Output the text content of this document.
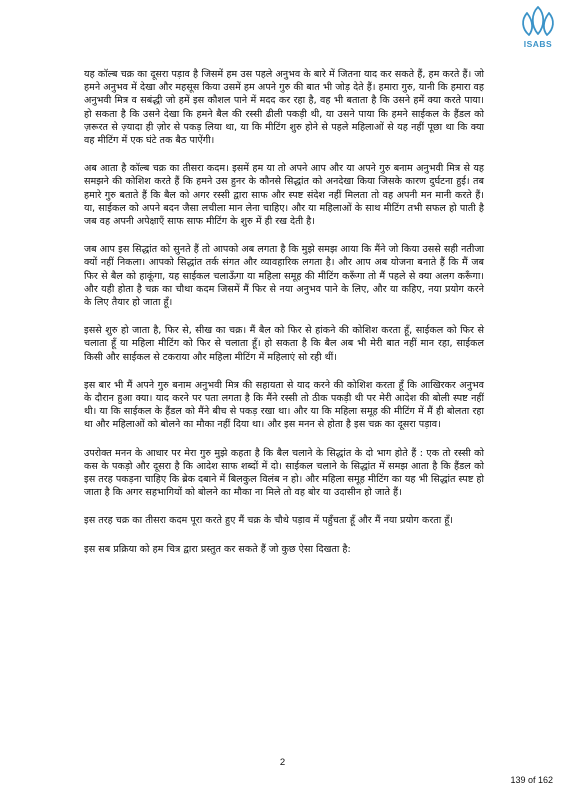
ISABS

यह कॉल्ब चक्र का दूसरा पड़ाव है जिसमें हम उस पहले अनुभव के बारे में जितना याद कर सकते हैं, हम करते हैं। जो हमने अनुभव में देखा और महसूस किया उसमें हम अपने गुरु की बात भी जोड़ देते हैं। हमारा गुरु, यानी कि हमारा वह अनुभवी मित्र व सबंद्धी जो हमें इस कौशल पाने में मदद कर रहा है, वह भी बताता है कि उसने हमें क्या करते पाया। हो सकता है कि उसने देखा कि हमने बैल की रस्सी ढीली पकड़ी थी, या उसने पाया कि हमने साईकल के हैंडल को ज़रूरत से ज़्यादा ही ज़ोर से पकड़ लिया था, या कि मीटिंग शुरु होने से पहले महिलाओं से यह नहीं पूछा था कि क्या वह मीटिंग में एक घंटे तक बैठ पाऐंगी।

अब आता है कॉल्ब चक्र का तीसरा कदम। इसमें हम या तो अपने आप और या अपने गुरु बनाम अनुभवी मित्र से यह समझने की कोशिश करते हैं कि हमने उस हुनर के कौनसे सिद्धांत को अनदेखा किया जिसके कारण दुर्घटना हुई। तब हमारे गुरु बताते हैं कि बैल को अगर रस्सी द्वारा साफ और स्पष्ट संदेश नहीं मिलता तो वह अपनी मन मानी करते हैं। या, साईकल को अपने बदन जैसा लचीला मान लेना चाहिए। और या महिलाओं के साथ मीटिंग तभी सफल हो पाती है जब वह अपनी अपेक्षाएँ साफ साफ मीटिंग के शुरु में ही रख देती है।

जब आप इस सिद्धांत को सुनते हैं तो आपको अब लगता है कि मुझे समझ आया कि मैंने जो किया उससे सही नतीजा क्यों नहीं निकला। आपको सिद्धांत तर्क संगत और व्यावहारिक लगता है। और आप अब योजना बनाते हैं कि मैं जब फिर से बैल को हाकूंगा, यह साईकल चलाऊँगा या महिला समूह की मीटिंग करूँगा तो मैं पहले से क्या अलग करूँगा। और यही होता है चक्र का चौथा कदम जिसमें मैं फिर से नया अनुभव पाने के लिए, और या कहिए, नया प्रयोग करने के लिए तैयार हो जाता हूँ।

इससे शुरु हो जाता है, फिर से, सीख का चक्र। मैं बैल को फिर से हांकने की कोशिश करता हूँ, साईकल को फिर से चलाता हूँ या महिला मीटिंग को फिर से चलाता हूँ। हो सकता है कि बैल अब भी मेरी बात नहीं मान रहा, साईकल किसी और साईकल से टकराया और महिला मीटिंग में महिलाएं सो रही थीं।

इस बार भी मैं अपने गुरु बनाम अनुभवी मित्र की सहायता से याद करने की कोशिश करता हूँ कि आखिरकर अनुभव के दौरान हुआ क्या। याद करने पर पता लगता है कि मैंने रस्सी तो ठीक पकड़ी थी पर मेरी आदेश की बोली स्पष्ट नहीं थी। या कि साईकल के हैंडल को मैंने बीच से पकड़ रखा था। और या कि महिला समूह की मीटिंग में मैं ही बोलता रहा था और महिलाओं को बोलने का मौका नहीं दिया था। और इस मनन से होता है इस चक्र का दूसरा पड़ाव।

उपरोक्त मनन के आधार पर मेरा गुरु मुझे कहता है कि बैल चलाने के सिद्धांत के दो भाग होते हैं : एक तो रस्सी को कस के पकड़ो और दूसरा है कि आदेश साफ शब्दों में दो। साईकल चलाने के सिद्धांत में समझ आता है कि हैंडल को इस तरह पकड़ना चाहिए कि ब्रेक दबाने में बिलकुल विलंब न हो। और महिला समूह मीटिंग का यह भी सिद्धांत स्पष्ट हो जाता है कि अगर सहभागियों को बोलने का मौका ना मिले तो वह बोर या उदासीन हो जाते हैं।

इस तरह चक्र का तीसरा कदम पूरा करते हुए मैं चक्र के चौथे पड़ाव में पहुँचता हूँ और मैं नया प्रयोग करता हूँ।

इस सब प्रक्रिया को हम चित्र द्वारा प्रस्तुत कर सकते हैं जो कुछ ऐसा दिखता है:

2
139 of 162
